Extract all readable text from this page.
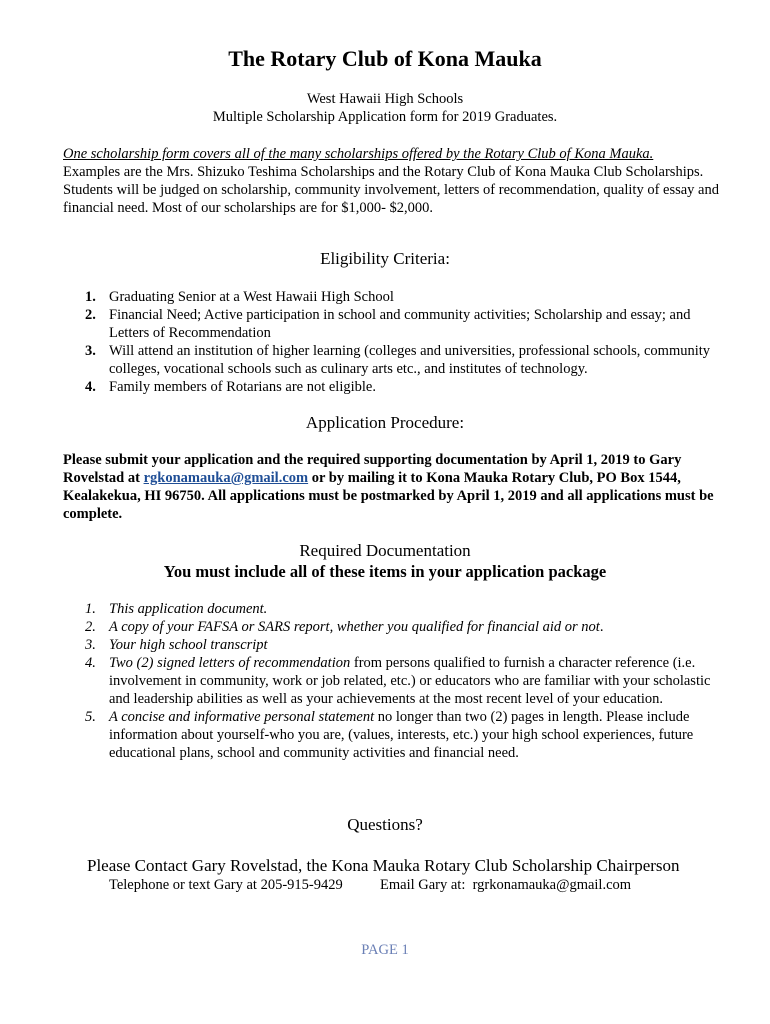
The Rotary Club of Kona Mauka

West Hawaii High Schools

Multiple Scholarship Application form for 2019 Graduates.

One scholarship form covers all of the many scholarships offered by the Rotary Club of Kona Mauka.
Examples are the Mrs. Shizuko Teshima Scholarships and the Rotary Club of Kona Mauka Club Scholarships. Students will be judged on scholarship, community involvement, letters of recommendation, quality of essay and financial need. Most of our scholarships are for $1,000- $2,000.

Eligibility Criteria:

1. Graduating Senior at a West Hawaii High School
2. Financial Need; Active participation in school and community activities; Scholarship and essay; and Letters of Recommendation
3. Will attend an institution of higher learning (colleges and universities, professional schools, community colleges, vocational schools such as culinary arts etc., and institutes of technology.
4. Family members of Rotarians are not eligible.

Application Procedure:

Please submit your application and the required supporting documentation by April 1, 2019 to Gary Rovelstad at rgkonamauka@gmail.com or by mailing it to Kona Mauka Rotary Club, PO Box 1544, Kealakekua, HI 96750. All applications must be postmarked by April 1, 2019 and all applications must be complete.

Required Documentation

You must include all of these items in your application package

1. This application document.
2. A copy of your FAFSA or SARS report, whether you qualified for financial aid or not.
3. Your high school transcript
4. Two (2) signed letters of recommendation from persons qualified to furnish a character reference (i.e. involvement in community, work or job related, etc.) or educators who are familiar with your scholastic and leadership abilities as well as your achievements at the most recent level of your education.
5. A concise and informative personal statement no longer than two (2) pages in length. Please include information about yourself-who you are, (values, interests, etc.) your high school experiences, future educational plans, school and community activities and financial need.

Questions?

Please Contact Gary Rovelstad, the Kona Mauka Rotary Club Scholarship Chairperson

Telephone or text Gary at 205-915-9429	Email Gary at:  rgrkonamauka@gmail.com

PAGE 1
